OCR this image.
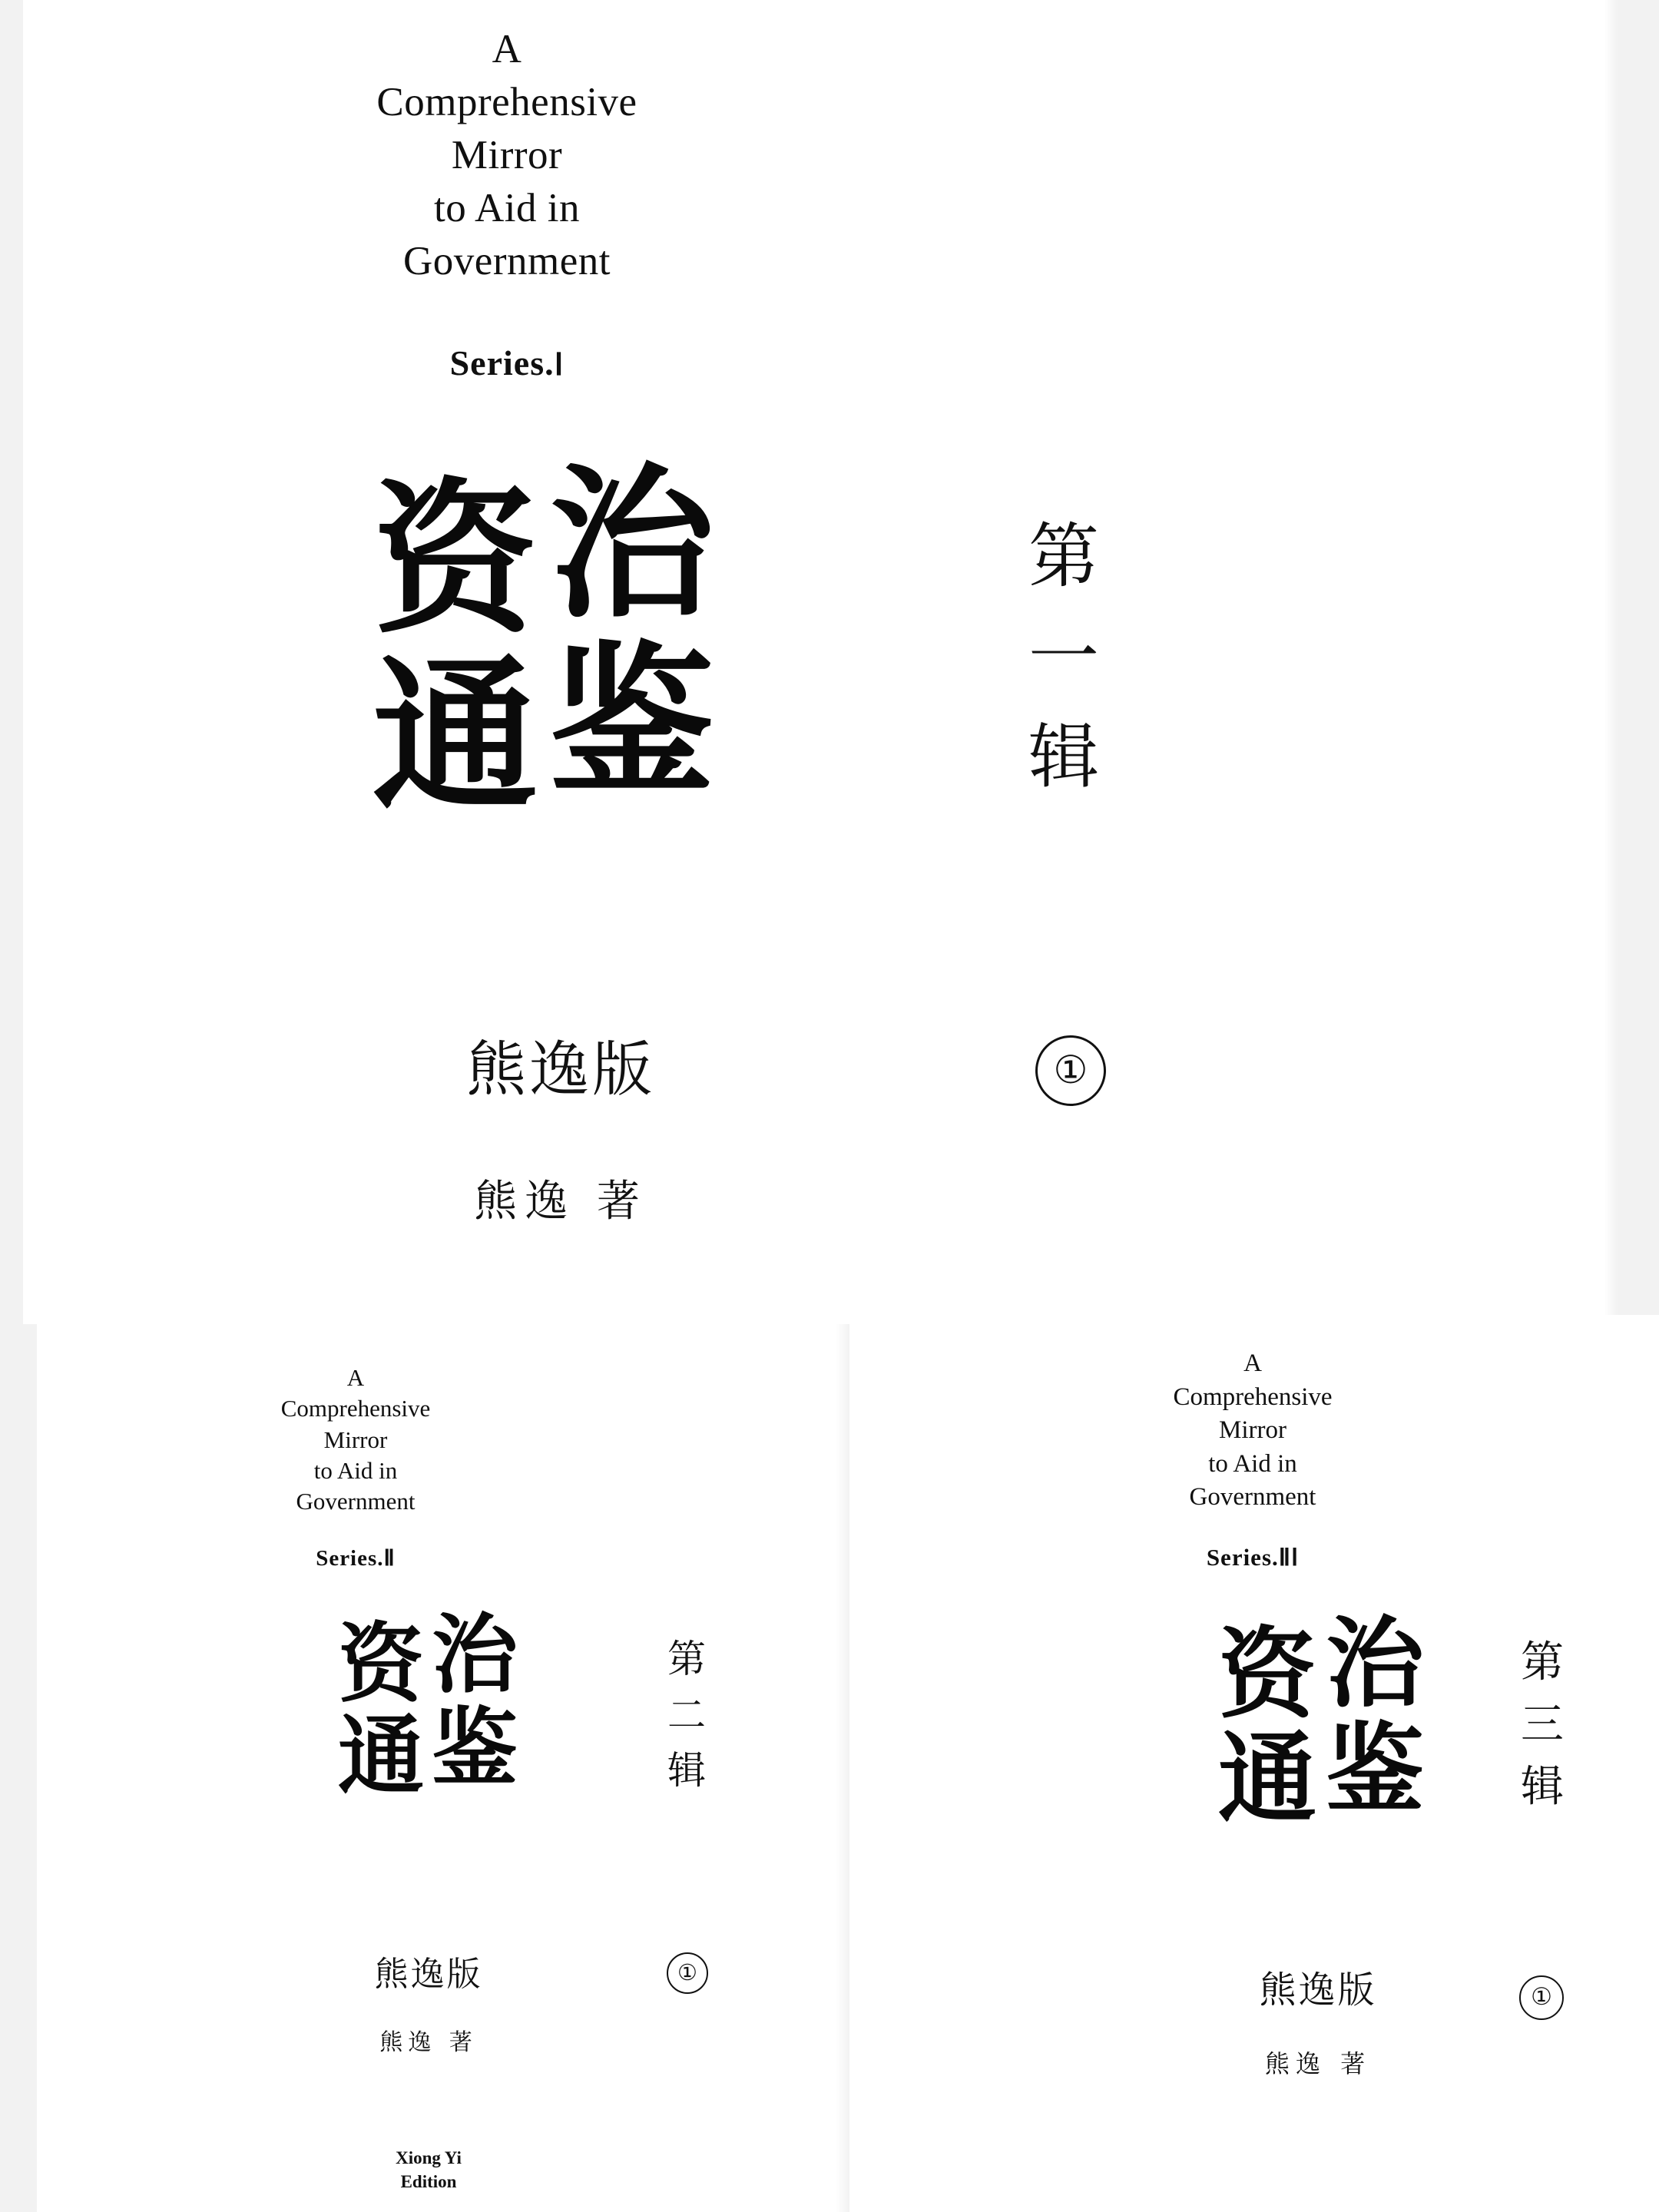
A
Comprehensive
Mirror
to Aid in
Government
Series.Ⅰ
资 治
通 鉴
第一辑
熊逸版
熊逸 著
①
A
Comprehensive
Mirror
to Aid in
Government
Series.Ⅱ
资 治
通 鉴
第二辑
熊逸版
熊逸 著
①
Xiong Yi
Edition
A
Comprehensive
Mirror
to Aid in
Government
Series.ⅡⅠ
资 治
通 鉴
第三辑
熊逸版
熊逸 著
①
